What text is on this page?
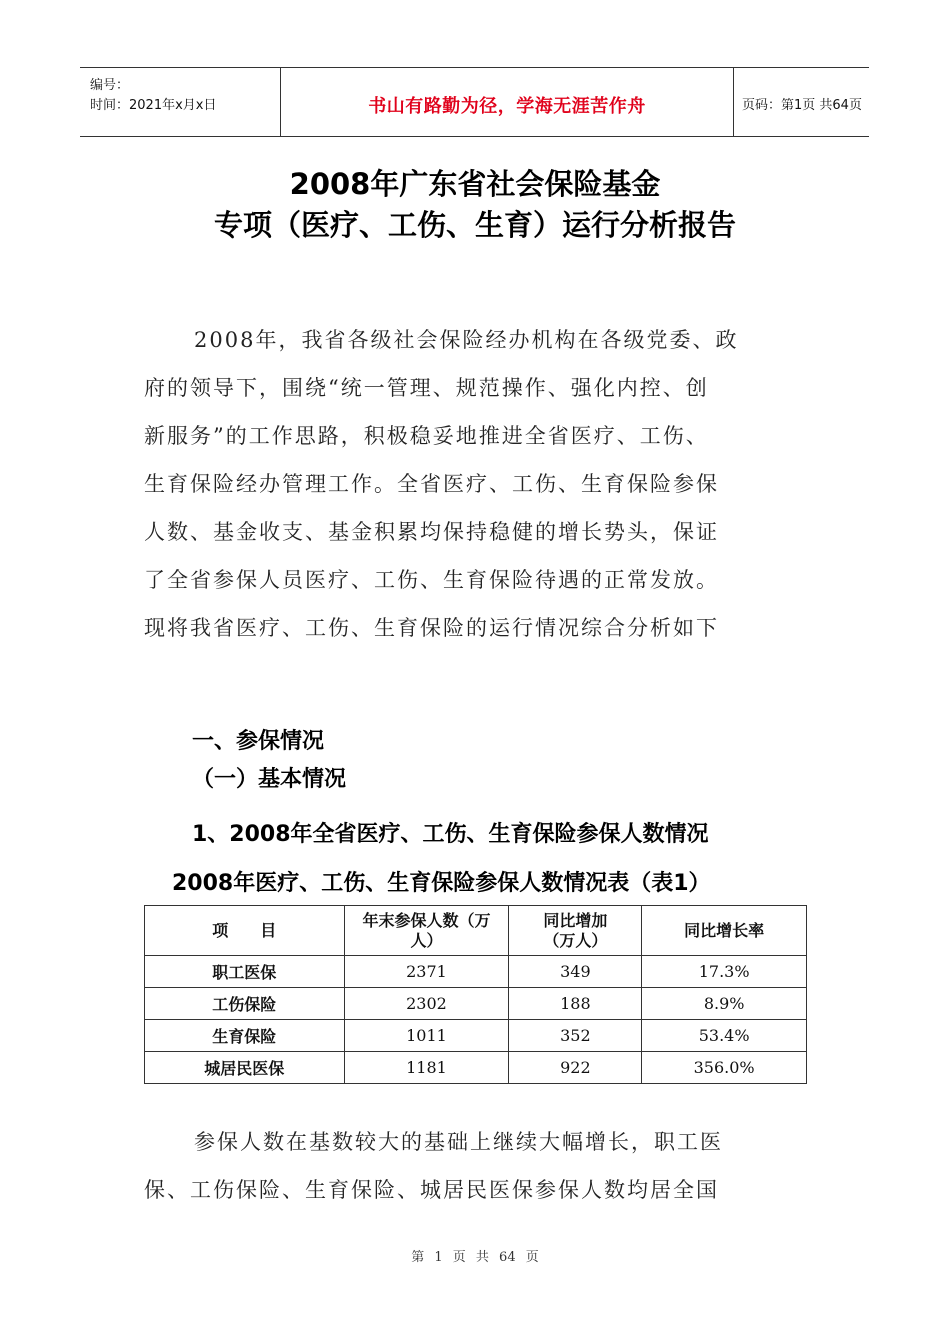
编号：
时间：2021年x月x日	书山有路勤为径，学海无涯苦作舟	页码：第1页 共64页
2008年广东省社会保险基金
专项（医疗、工伤、生育）运行分析报告
2008年，我省各级社会保险经办机构在各级党委、政
府的领导下，围绕“统一管理、规范操作、强化内控、创
新服务”的工作思路，积极稳妥地推进全省医疗、工伤、
生育保险经办管理工作。全省医疗、工伤、生育保险参保
人数、基金收支、基金积累均保持稳健的增长势头，保证
了全省参保人员医疗、工伤、生育保险待遇的正常发放。
现将我省医疗、工伤、生育保险的运行情况综合分析如下
一、参保情况
（一）基本情况
1、2008年全省医疗、工伤、生育保险参保人数情况
2008年医疗、工伤、生育保险参保人数情况表（表1）
项　　目	年末参保人数（万人）	同比增加（万人）	同比增长率
职工医保	2371	349	17.3%
工伤保险	2302	188	8.9%
生育保险	1011	352	53.4%
城居民医保	1181	922	356.0%
参保人数在基数较大的基础上继续大幅增长，职工医
保、工伤保险、生育保险、城居民医保参保人数均居全国
第 1 页 共 64 页
